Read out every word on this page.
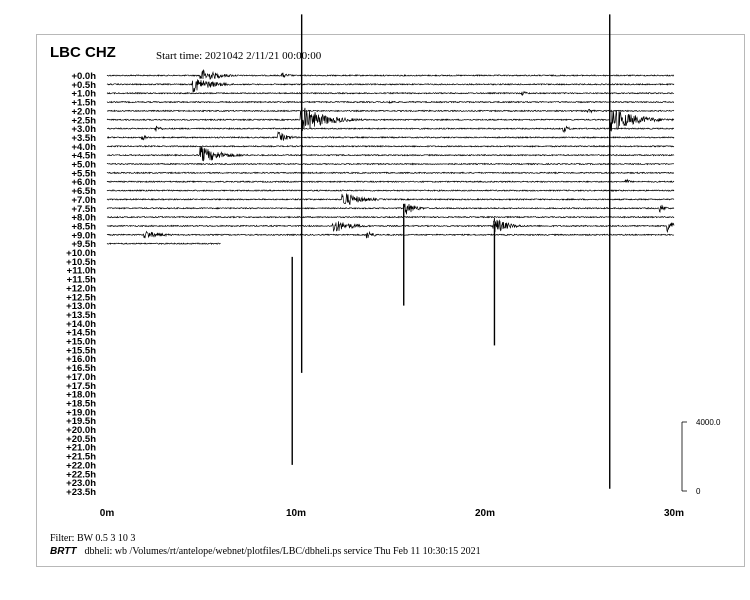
LBC CHZ	Start time: 2021042 2/11/21 00:00:00
+0.0h
+0.5h
+1.0h
+1.5h
+2.0h
+2.5h
+3.0h
+3.5h
+4.0h
+4.5h
+5.0h
+5.5h
+6.0h
+6.5h
+7.0h
+7.5h
+8.0h
+8.5h
+9.0h
+9.5h
+10.0h
+10.5h
+11.0h
+11.5h
+12.0h
+12.5h
+13.0h
+13.5h
+14.0h
+14.5h
+15.0h
+15.5h
+16.0h
+16.5h
+17.0h
+17.5h
+18.0h
+18.5h
+19.0h
+19.5h
+20.0h
+20.5h
+21.0h
+21.5h
+22.0h
+22.5h
+23.0h
+23.5h
0m	10m	20m	30m
4000.0
0
Filter: BW 0.5 3 10 3
BRTT dbheli: wb /Volumes/rt/antelope/webnet/plotfiles/LBC/dbheli.ps service Thu Feb 11 10:30:15 2021
